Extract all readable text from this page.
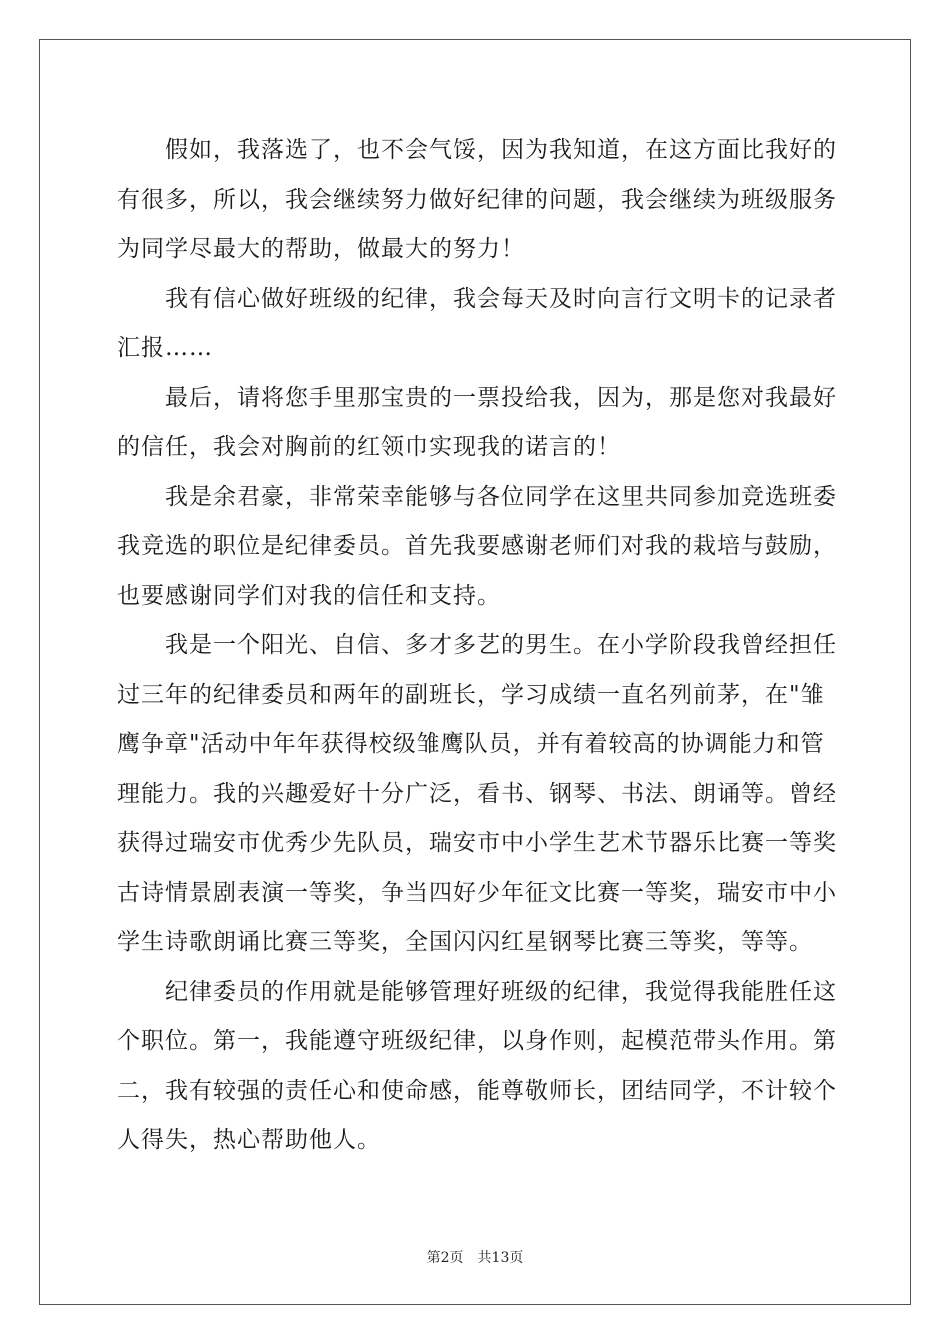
假如，我落选了，也不会气馁，因为我知道，在这方面比我好的
有很多，所以，我会继续努力做好纪律的问题，我会继续为班级服务
为同学尽最大的帮助，做最大的努力！
我有信心做好班级的纪律，我会每天及时向言行文明卡的记录者
汇报……
最后，请将您手里那宝贵的一票投给我，因为，那是您对我最好
的信任，我会对胸前的红领巾实现我的诺言的！
我是余君豪，非常荣幸能够与各位同学在这里共同参加竞选班委
我竞选的职位是纪律委员。首先我要感谢老师们对我的栽培与鼓励，
也要感谢同学们对我的信任和支持。
我是一个阳光、自信、多才多艺的男生。在小学阶段我曾经担任
过三年的纪律委员和两年的副班长，学习成绩一直名列前茅，在"雏
鹰争章"活动中年年获得校级雏鹰队员，并有着较高的协调能力和管
理能力。我的兴趣爱好十分广泛，看书、钢琴、书法、朗诵等。曾经
获得过瑞安市优秀少先队员，瑞安市中小学生艺术节器乐比赛一等奖
古诗情景剧表演一等奖，争当四好少年征文比赛一等奖，瑞安市中小
学生诗歌朗诵比赛三等奖，全国闪闪红星钢琴比赛三等奖，等等。
纪律委员的作用就是能够管理好班级的纪律，我觉得我能胜任这
个职位。第一，我能遵守班级纪律，以身作则，起模范带头作用。第
二，我有较强的责任心和使命感，能尊敬师长，团结同学，不计较个
人得失，热心帮助他人。
第2页 共13页
